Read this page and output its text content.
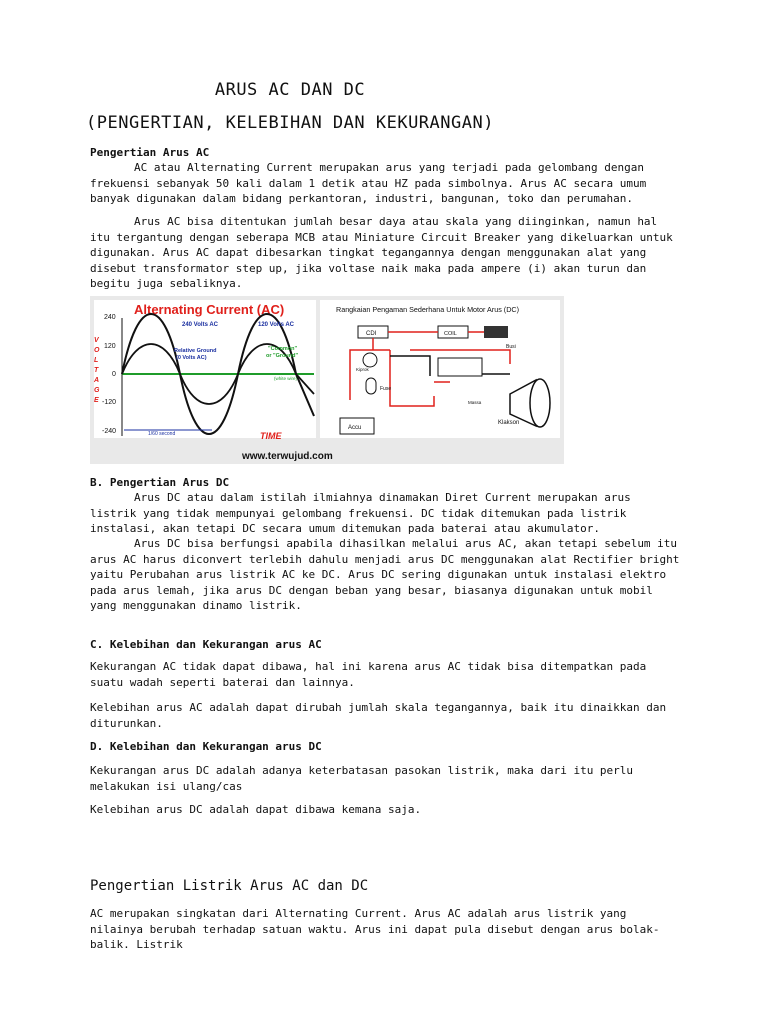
ARUS AC DAN DC
(PENGERTIAN, KELEBIHAN DAN KEKURANGAN)
Pengertian Arus AC
AC atau Alternating Current merupakan arus yang terjadi pada gelombang dengan frekuensi sebanyak 50 kali dalam 1 detik atau HZ pada simbolnya. Arus AC secara umum banyak digunakan dalam bidang perkantoran, industri, bangunan, toko dan perumahan.
Arus AC bisa ditentukan jumlah besar daya atau skala yang diinginkan, namun hal itu tergantung dengan seberapa MCB atau Miniature Circuit Breaker yang dikeluarkan untuk digunakan. Arus AC dapat dibesarkan tingkat tegangannya dengan menggunakan alat yang disebut transformator step up, jika voltase naik maka pada ampere (i) akan turun dan begitu juga sebaliknya.
Alternating Current (AC)
240
120
0
-120
-240
V
O
L
T
A
G
E
240 Volts AC	120 Volts AC
Relative Ground (0 Volts AC)
"Common" or "Ground"
(white wire)
1/60 second	TIME
www.terwujud.com
Rangkaian Pengaman Sederhana Untuk Motor Arus (DC)
CDI	COIL
Busi
Kiprok
Fuse
Massa
Accu
Klakson
B. Pengertian Arus DC
Arus DC atau dalam istilah ilmiahnya dinamakan Diret Current merupakan arus listrik yang tidak mempunyai gelombang frekuensi. DC tidak ditemukan pada listrik instalasi, akan tetapi DC secara umum ditemukan pada baterai atau akumulator.
Arus DC bisa berfungsi apabila dihasilkan melalui arus AC, akan tetapi sebelum itu arus AC harus diconvert terlebih dahulu menjadi arus DC menggunakan alat Rectifier bright yaitu Perubahan arus listrik AC ke DC. Arus DC sering digunakan untuk instalasi elektro pada arus lemah, jika arus DC dengan beban yang besar, biasanya digunakan untuk mobil yang menggunakan dinamo listrik.
C. Kelebihan dan Kekurangan arus AC
Kekurangan AC tidak dapat dibawa, hal ini karena arus AC tidak bisa ditempatkan pada suatu wadah seperti baterai dan lainnya.
Kelebihan arus AC adalah dapat dirubah jumlah skala tegangannya, baik itu dinaikkan dan diturunkan.
D. Kelebihan dan Kekurangan arus DC
Kekurangan arus DC adalah adanya keterbatasan pasokan listrik, maka dari itu perlu melakukan isi ulang/cas
Kelebihan arus DC adalah dapat dibawa kemana saja.
Pengertian Listrik Arus AC dan DC
AC merupakan singkatan dari Alternating Current. Arus AC adalah arus listrik yang nilainya berubah terhadap satuan waktu. Arus ini dapat pula disebut dengan arus bolak-balik. Listrik
